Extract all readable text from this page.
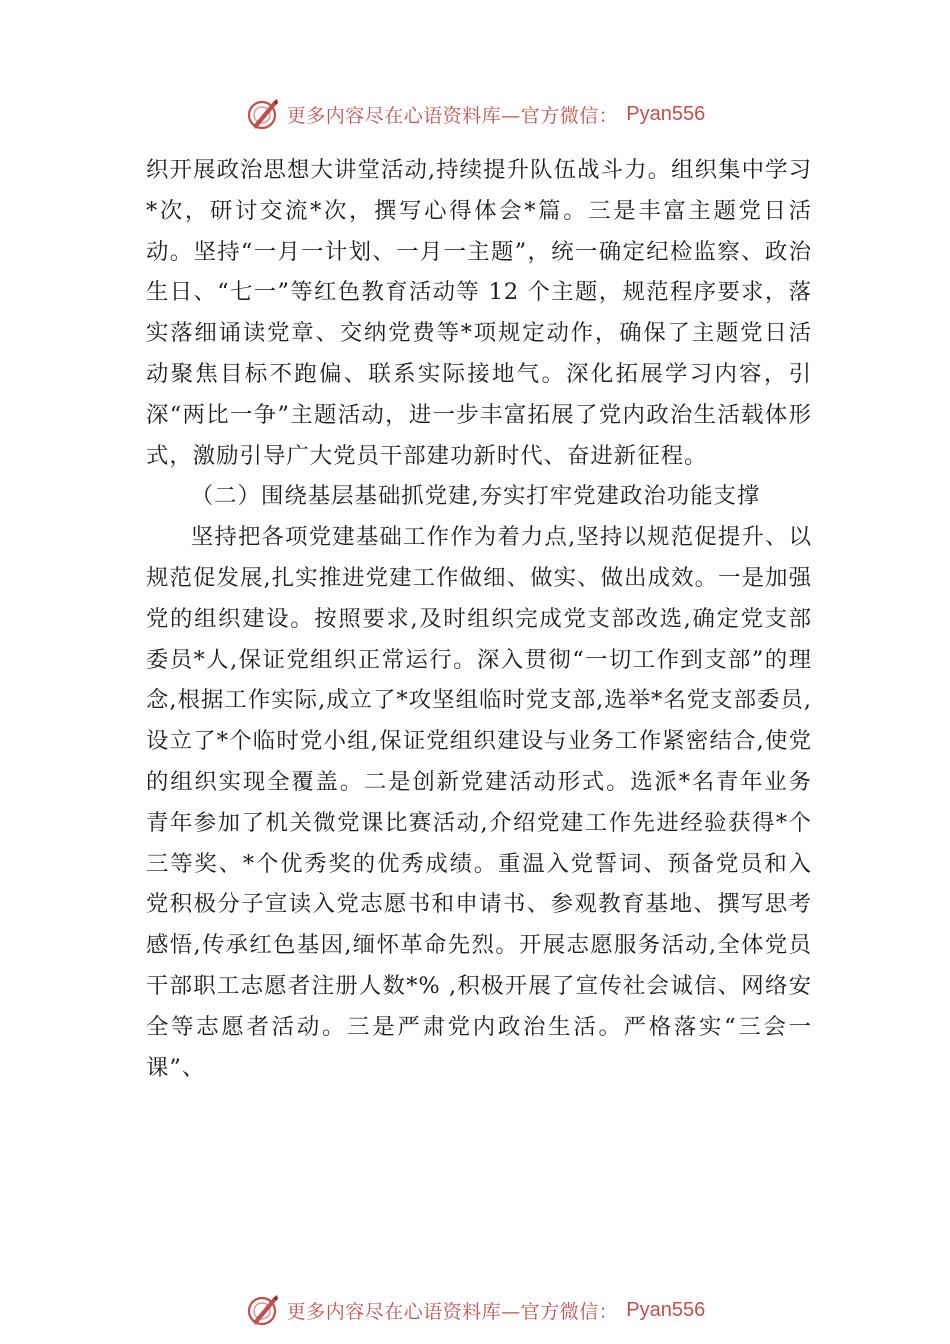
更多内容尽在心语资料库—官方微信： Pyan556

织开展政治思想大讲堂活动,持续提升队伍战斗力。组织集中学习*次，研讨交流*次，撰写心得体会*篇。三是丰富主题党日活动。坚持“一月一计划、一月一主题”，统一确定纪检监察、政治生日、“七一”等红色教育活动等 12 个主题，规范程序要求，落实落细诵读党章、交纳党费等*项规定动作，确保了主题党日活动聚焦目标不跑偏、联系实际接地气。深化拓展学习内容，引深“两比一争”主题活动，进一步丰富拓展了党内政治生活载体形式，激励引导广大党员干部建功新时代、奋进新征程。

（二）围绕基层基础抓党建,夯实打牢党建政治功能支撑

坚持把各项党建基础工作作为着力点,坚持以规范促提升、以规范促发展,扎实推进党建工作做细、做实、做出成效。一是加强党的组织建设。按照要求,及时组织完成党支部改选,确定党支部委员*人,保证党组织正常运行。深入贯彻“一切工作到支部”的理念,根据工作实际,成立了*攻坚组临时党支部,选举*名党支部委员,设立了*个临时党小组,保证党组织建设与业务工作紧密结合,使党的组织实现全覆盖。二是创新党建活动形式。选派*名青年业务青年参加了机关微党课比赛活动,介绍党建工作先进经验获得*个三等奖、*个优秀奖的优秀成绩。重温入党誓词、预备党员和入党积极分子宣读入党志愿书和申请书、参观教育基地、撰写思考感悟,传承红色基因,缅怀革命先烈。开展志愿服务活动,全体党员干部职工志愿者注册人数*% ,积极开展了宣传社会诚信、网络安全等志愿者活动。三是严肃党内政治生活。严格落实“三会一课”、

更多内容尽在心语资料库—官方微信： Pyan556
